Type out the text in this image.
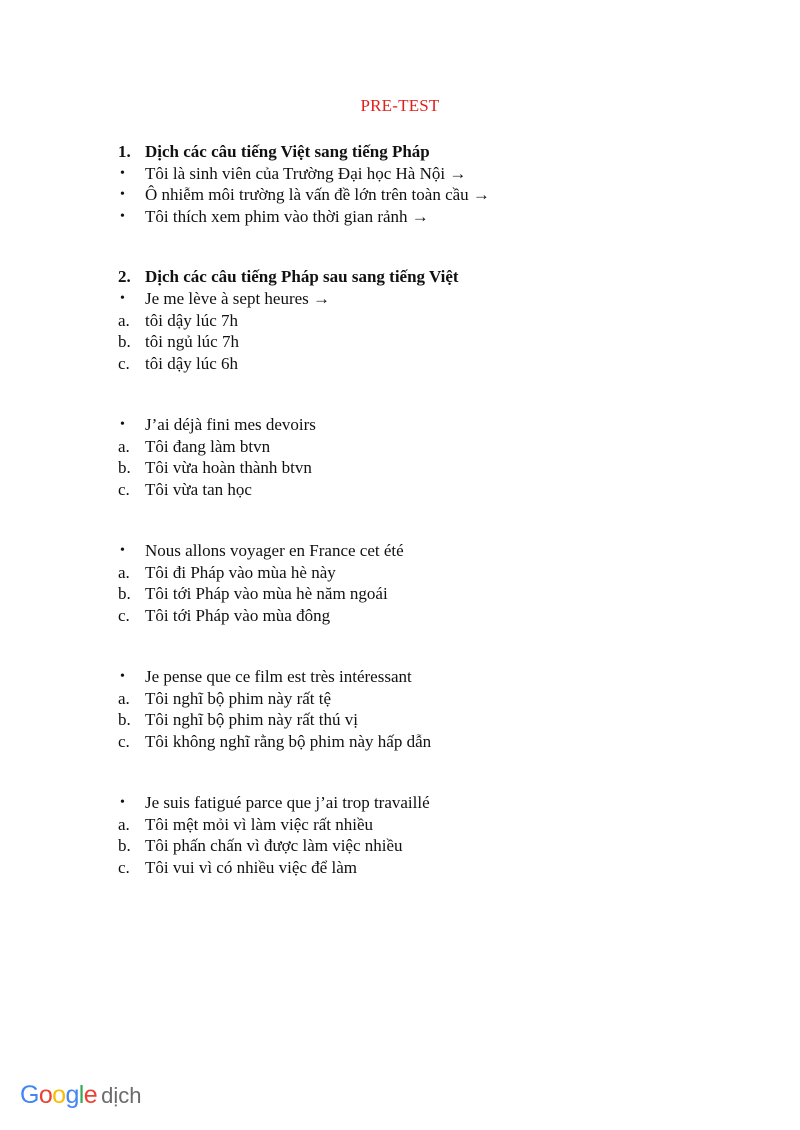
PRE-TEST
1. Dịch các câu tiếng Việt sang tiếng Pháp
•	Tôi là sinh viên của Trường Đại học Hà Nội →
•	Ô nhiễm môi trường là vấn đề lớn trên toàn cầu →
•	Tôi thích xem phim vào thời gian rảnh →
2. Dịch các câu tiếng Pháp sau sang tiếng Việt
•	Je me lève à sept heures →
a. tôi dậy lúc 7h
b. tôi ngủ lúc 7h
c. tôi dậy lúc 6h
•	J’ai déjà fini mes devoirs
a. Tôi đang làm btvn
b. Tôi vừa hoàn thành btvn
c. Tôi vừa tan học
•	Nous allons voyager en France cet été
a. Tôi đi Pháp vào mùa hè này
b. Tôi tới Pháp vào mùa hè năm ngoái
c. Tôi tới Pháp vào mùa đông
•	Je pense que ce film est très intéressant
a. Tôi nghĩ bộ phim này rất tệ
b. Tôi nghĩ bộ phim này rất thú vị
c. Tôi không nghĩ rằng bộ phim này hấp dẫn
•	Je suis fatigué parce que j’ai trop travaillé
a. Tôi mệt mỏi vì làm việc rất nhiều
b. Tôi phấn chấn vì được làm việc nhiều
c. Tôi vui vì có nhiều việc để làm
Google dịch
